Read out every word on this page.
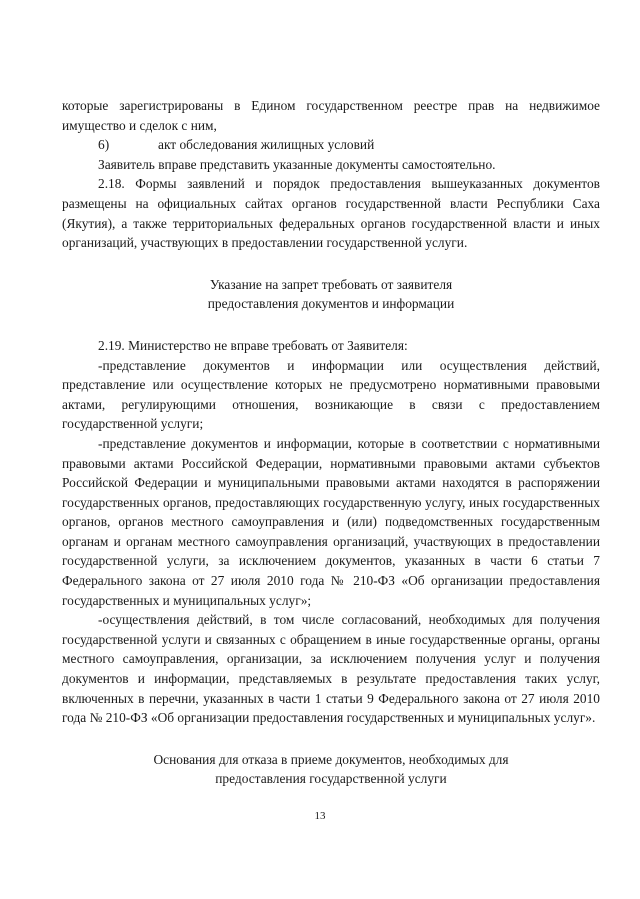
которые зарегистрированы в Едином государственном реестре прав на недвижимое имущество и сделок с ним,

6)	акт обследования жилищных условий

Заявитель вправе представить указанные документы самостоятельно.

2.18. Формы заявлений и порядок предоставления вышеуказанных документов размещены на официальных сайтах органов государственной власти Республики Саха (Якутия), а также территориальных федеральных органов государственной власти и иных организаций, участвующих в предоставлении государственной услуги.

Указание на запрет требовать от заявителя
предоставления документов и информации

2.19. Министерство не вправе требовать от Заявителя:

-представление документов и информации или осуществления действий, представление или осуществление которых не предусмотрено нормативными правовыми актами, регулирующими отношения, возникающие в связи с предоставлением государственной услуги;

-представление документов и информации, которые в соответствии с нормативными правовыми актами Российской Федерации, нормативными правовыми актами субъектов Российской Федерации и муниципальными правовыми актами находятся в распоряжении государственных органов, предоставляющих государственную услугу, иных государственных органов, органов местного самоуправления и (или) подведомственных государственным органам и органам местного самоуправления организаций, участвующих в предоставлении государственной услуги, за исключением документов, указанных в части 6 статьи 7 Федерального закона от 27 июля 2010 года № 210-ФЗ «Об организации предоставления государственных и муниципальных услуг»;

-осуществления действий, в том числе согласований, необходимых для получения государственной услуги и связанных с обращением в иные государственные органы, органы местного самоуправления, организации, за исключением получения услуг и получения документов и информации, представляемых в результате предоставления таких услуг, включенных в перечни, указанных в части 1 статьи 9 Федерального закона от 27 июля 2010 года № 210-ФЗ «Об организации предоставления государственных и муниципальных услуг».

Основания для отказа в приеме документов, необходимых для
предоставления государственной услуги
13
